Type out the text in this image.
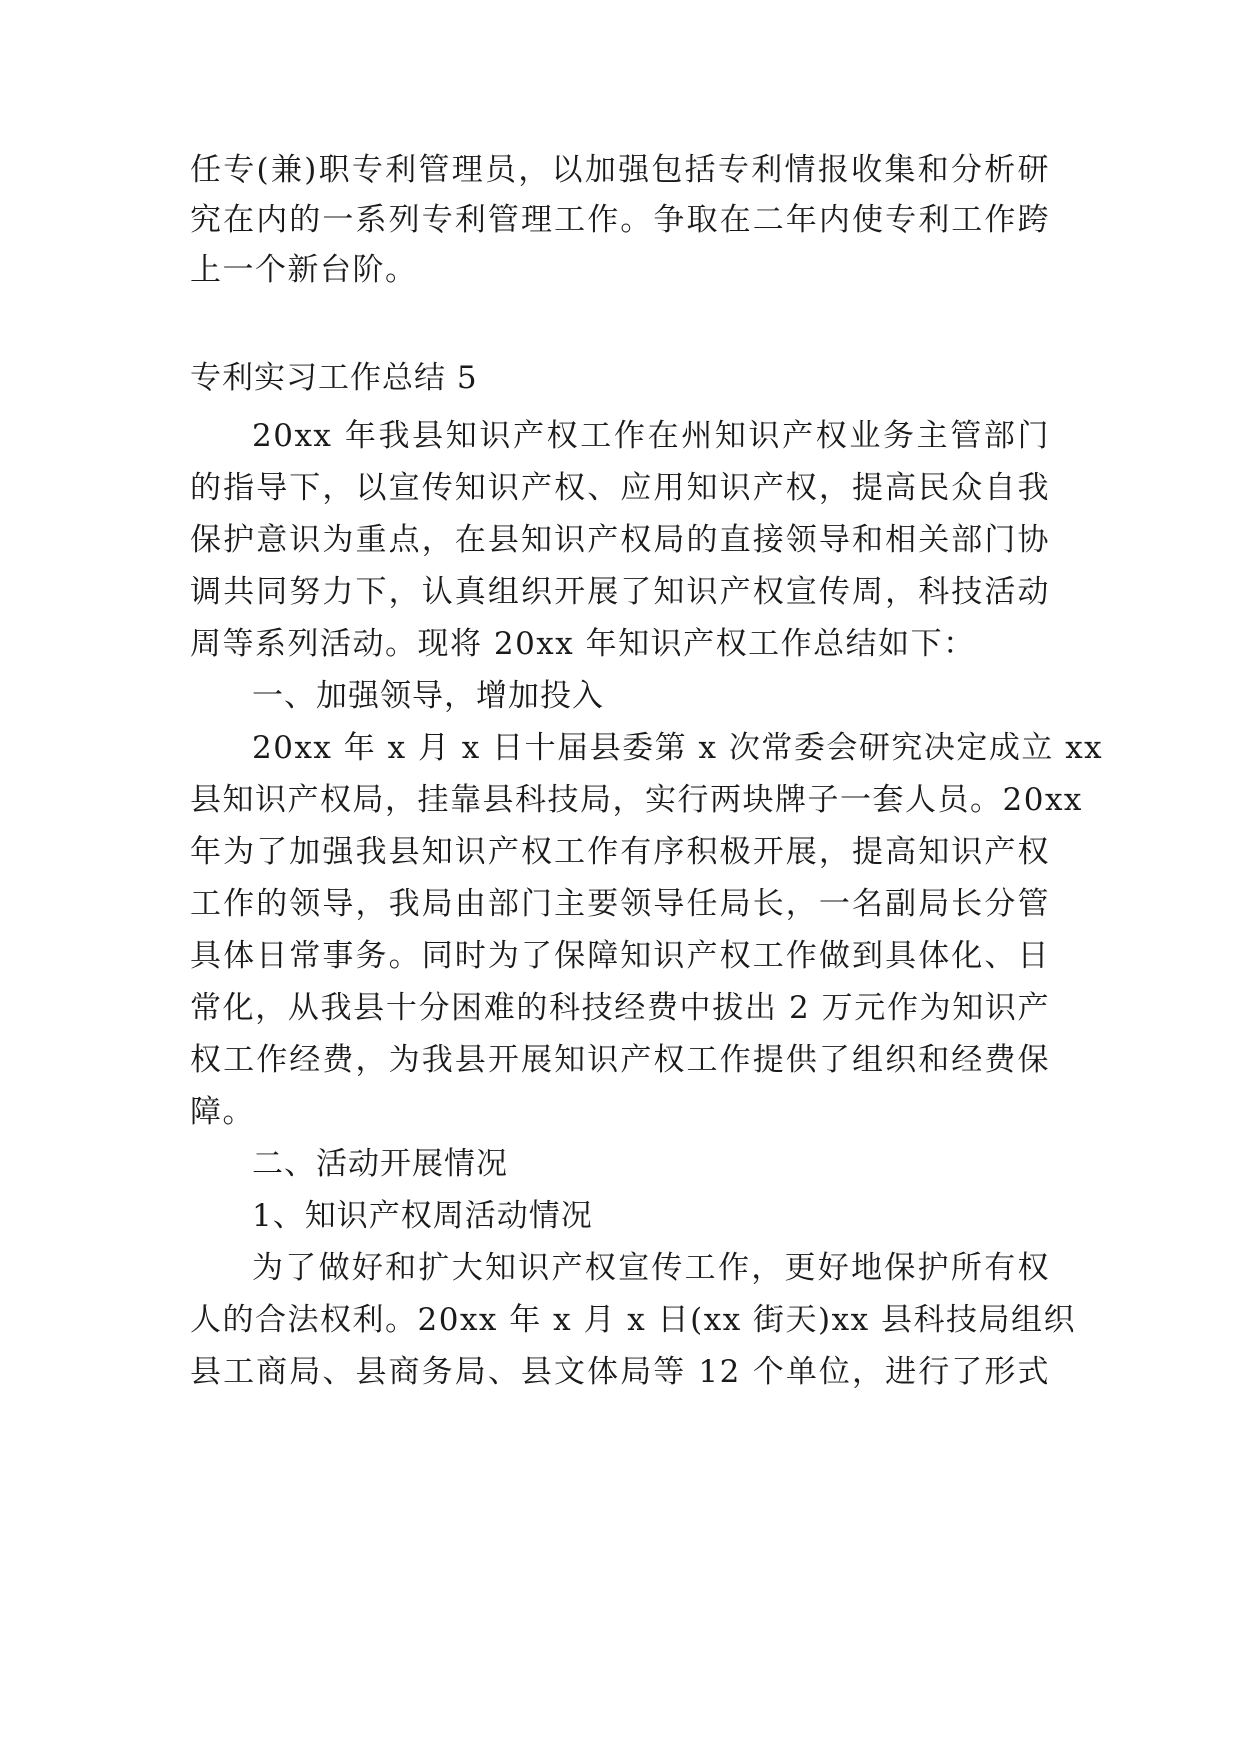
任专(兼)职专利管理员，以加强包括专利情报收集和分析研
究在内的一系列专利管理工作。争取在二年内使专利工作跨
上一个新台阶。
专利实习工作总结 5
20xx 年我县知识产权工作在州知识产权业务主管部门
的指导下，以宣传知识产权、应用知识产权，提高民众自我
保护意识为重点，在县知识产权局的直接领导和相关部门协
调共同努力下，认真组织开展了知识产权宣传周，科技活动
周等系列活动。现将 20xx 年知识产权工作总结如下：
一、加强领导，增加投入
20xx 年 x 月 x 日十届县委第 x 次常委会研究决定成立 xx
县知识产权局，挂靠县科技局，实行两块牌子一套人员。20xx
年为了加强我县知识产权工作有序积极开展，提高知识产权
工作的领导，我局由部门主要领导任局长，一名副局长分管
具体日常事务。同时为了保障知识产权工作做到具体化、日
常化，从我县十分困难的科技经费中拔出 2 万元作为知识产
权工作经费，为我县开展知识产权工作提供了组织和经费保
障。
二、活动开展情况
1、知识产权周活动情况
为了做好和扩大知识产权宣传工作，更好地保护所有权
人的合法权利。20xx 年 x 月 x 日(xx 街天)xx 县科技局组织
县工商局、县商务局、县文体局等 12 个单位，进行了形式
